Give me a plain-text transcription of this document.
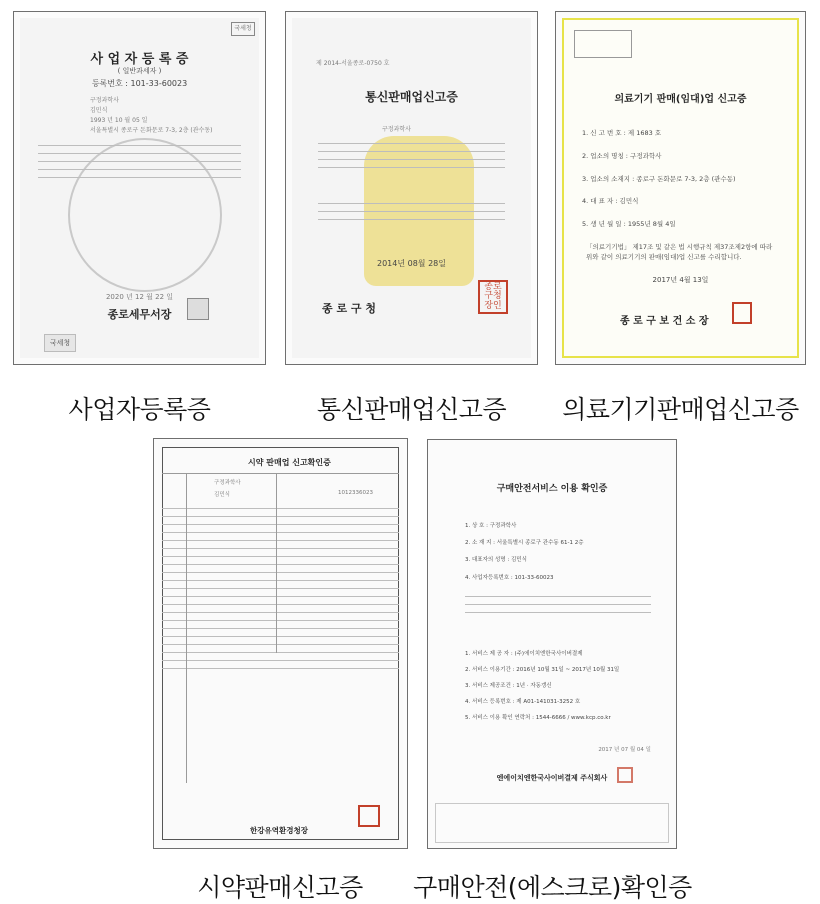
국세청
사 업 자 등 록 증
( 일반과세자 )
등록번호 : 101-33-60023
구정과학사
김민식
1993 년 10 월 05 일
서울특별시 종로구 돈화문로 7-3, 2층 (관수동)
2020 년 12 월 22 일
종로세무서장
국세청
사업자등록증
제 2014-서울종로-0750 호
통신판매업신고증
구정과학사
2014년 08월 28일
종 로 구 청
종로구청장인
통신판매업신고증
의료기기 판매(임대)업 신고증
1. 신 고 번 호 : 제 1683 호
2. 업소의 명칭 : 구정과학사
3. 업소의 소재지 : 종로구 돈화문로 7-3, 2층 (관수동)
4. 대 표 자 : 김민식
5. 생 년 월 일 : 1955년 8월 4일
「의료기기법」 제17조 및 같은 법 시행규칙 제37조제2항에 따라 위와 같이 의료기기의 판매(임대)업 신고를 수리합니다.
2017년 4월 13일
종 로 구 보 건 소 장
의료기기판매업신고증
시약 판매업 신고확인증
구정과학사
김민식	1012336023
한강유역환경청장
시약판매신고증
구매안전서비스 이용 확인증
1. 상 호 : 구정과학사
2. 소 재 지 : 서울특별시 종로구 관수동 61-1 2층
3. 대표자의 성명 : 김민식
4. 사업자등록번호 : 101-33-60023
1. 서비스 제 공 자 : (주)에이치엔한국사이버결제
2. 서비스 이용기간 : 2016년 10월 31일 ~ 2017년 10월 31일
3. 서비스 제공조건 : 1년 · 자동갱신
4. 서비스 등록번호 : 제 A01-141031-3252 호
5. 서비스 이용 확인 연락처 : 1544-6666 / www.kcp.co.kr
2017 년 07 월 04 일
엔에이치엔한국사이버결제 주식회사
구매안전(에스크로)확인증
